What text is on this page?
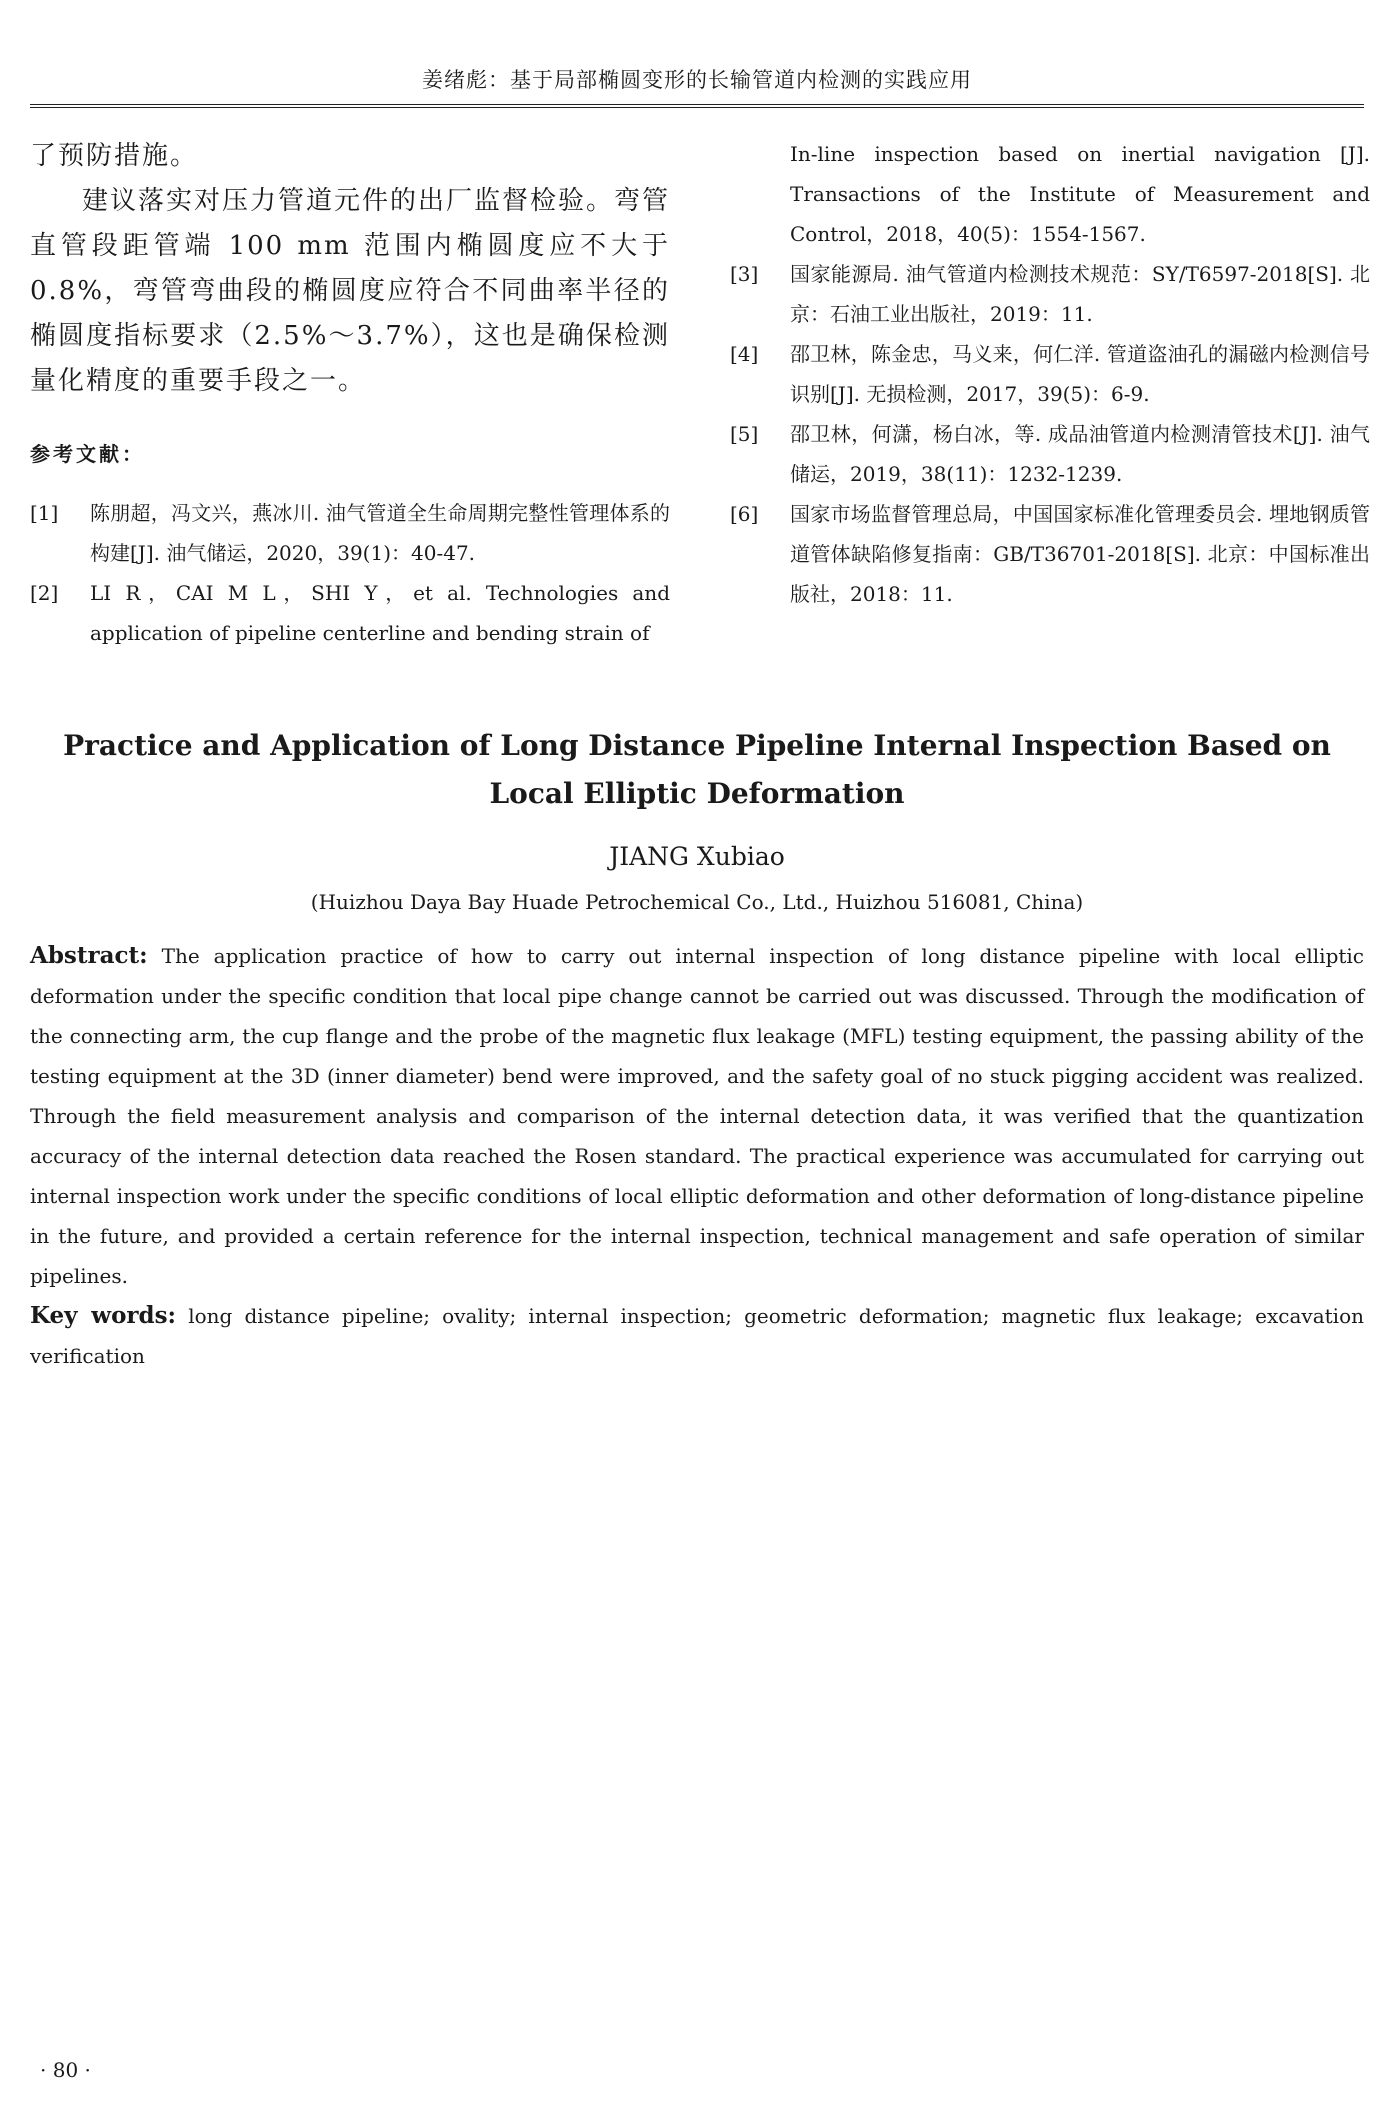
姜绪彪：基于局部椭圆变形的长输管道内检测的实践应用

了预防措施。

建议落实对压力管道元件的出厂监督检验。弯管直管段距管端 100 mm 范围内椭圆度应不大于 0.8%，弯管弯曲段的椭圆度应符合不同曲率半径的椭圆度指标要求（2.5%～3.7%），这也是确保检测量化精度的重要手段之一。

参考文献：
[1]	陈朋超，冯文兴，燕冰川. 油气管道全生命周期完整性管理体系的构建[J]. 油气储运，2020，39(1)：40-47.
[2]	LI R，CAI M L，SHI Y，et al. Technologies and application of pipeline centerline and bending strain of
In-line inspection based on inertial navigation [J]. Transactions of the Institute of Measurement and Control，2018，40(5)：1554-1567.
[3]	国家能源局. 油气管道内检测技术规范：SY/T6597-2018[S]. 北京：石油工业出版社，2019：11.
[4]	邵卫林，陈金忠，马义来，何仁洋. 管道盗油孔的漏磁内检测信号识别[J]. 无损检测，2017，39(5)：6-9.
[5]	邵卫林，何潇，杨白冰，等. 成品油管道内检测清管技术[J]. 油气储运，2019，38(11)：1232-1239.
[6]	国家市场监督管理总局，中国国家标准化管理委员会. 埋地钢质管道管体缺陷修复指南：GB/T36701-2018[S]. 北京：中国标准出版社，2018：11.
Practice and Application of Long Distance Pipeline Internal Inspection Based on Local Elliptic Deformation
JIANG Xubiao
(Huizhou Daya Bay Huade Petrochemical Co., Ltd., Huizhou 516081, China)

Abstract: The application practice of how to carry out internal inspection of long distance pipeline with local elliptic deformation under the specific condition that local pipe change cannot be carried out was discussed. Through the modification of the connecting arm, the cup flange and the probe of the magnetic flux leakage (MFL) testing equipment, the passing ability of the testing equipment at the 3D (inner diameter) bend were improved, and the safety goal of no stuck pigging accident was realized. Through the field measurement analysis and comparison of the internal detection data, it was verified that the quantization accuracy of the internal detection data reached the Rosen standard. The practical experience was accumulated for carrying out internal inspection work under the specific conditions of local elliptic deformation and other deformation of long-distance pipeline in the future, and provided a certain reference for the internal inspection, technical management and safe operation of similar pipelines.

Key words: long distance pipeline; ovality; internal inspection; geometric deformation; magnetic flux leakage; excavation verification

· 80 ·
